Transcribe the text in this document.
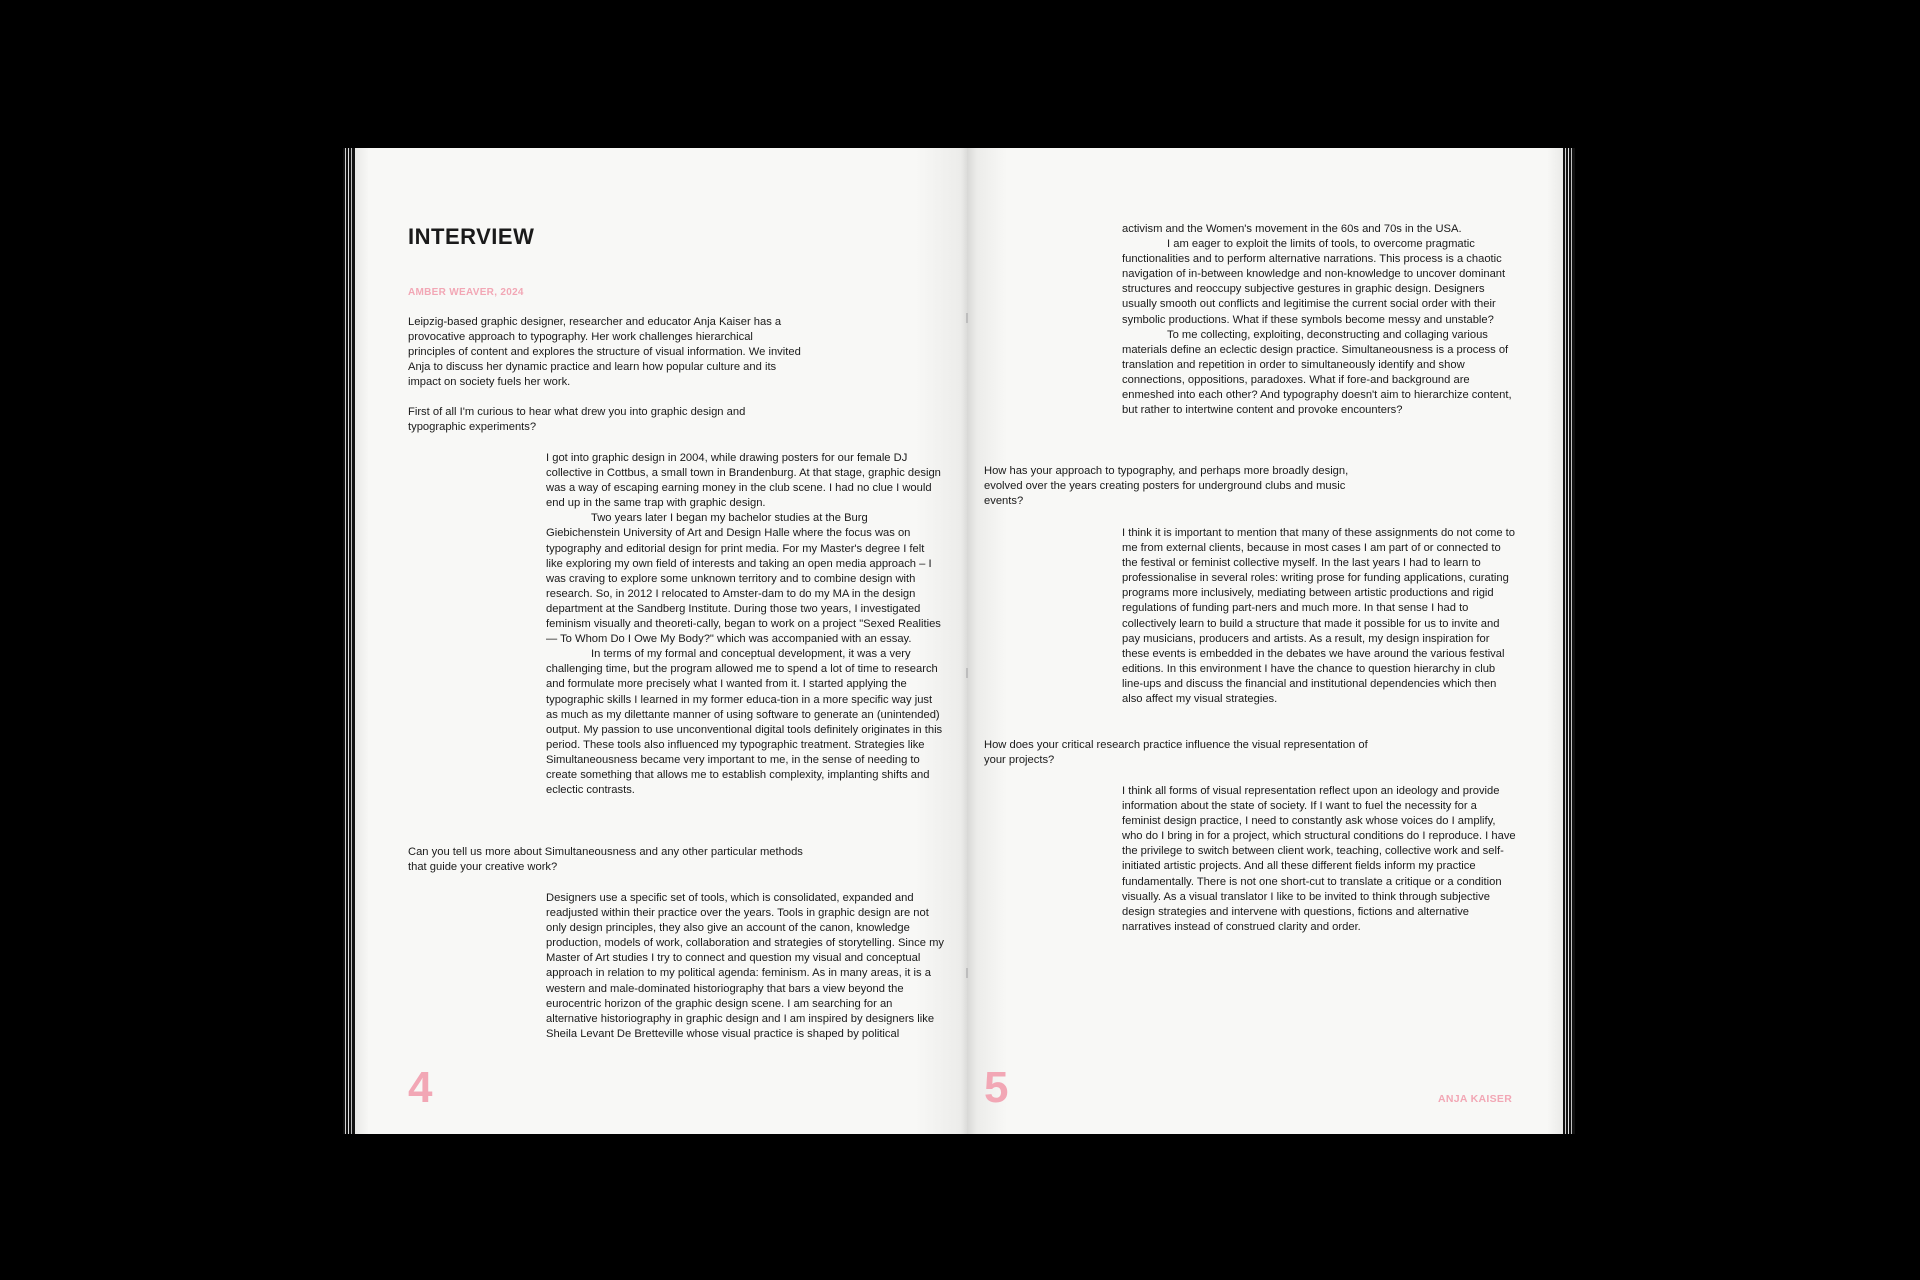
INTERVIEW
AMBER WEAVER, 2024

Leipzig-based graphic designer, researcher and educator Anja Kaiser has a provocative approach to typography. Her work challenges hierarchical principles of content and explores the structure of visual information. We invited Anja to discuss her dynamic practice and learn how popular culture and its impact on society fuels her work.

First of all I'm curious to hear what drew you into graphic design and typographic experiments?

I got into graphic design in 2004, while drawing posters for our female DJ collective in Cottbus, a small town in Brandenburg. At that stage, graphic design was a way of escaping earning money in the club scene. I had no clue I would end up in the same trap with graphic design.

Two years later I began my bachelor studies at the Burg Giebichenstein University of Art and Design Halle where the focus was on typography and editorial design for print media. For my Master's degree I felt like exploring my own field of interests and taking an open media approach – I was craving to explore some unknown territory and to combine design with research. So, in 2012 I relocated to Amster-dam to do my MA in the design department at the Sandberg Institute. During those two years, I investigated feminism visually and theoreti-cally, began to work on a project "Sexed Realities — To Whom Do I Owe My Body?" which was accompanied with an essay.

In terms of my formal and conceptual development, it was a very challenging time, but the program allowed me to spend a lot of time to research and formulate more precisely what I wanted from it. I started applying the typographic skills I learned in my former educa-tion in a more specific way just as much as my dilettante manner of using software to generate an (unintended) output. My passion to use unconventional digital tools definitely originates in this period. These tools also influenced my typographic treatment. Strategies like Simultaneousness became very important to me, in the sense of needing to create something that allows me to establish complexity, implanting shifts and eclectic contrasts.

Can you tell us more about Simultaneousness and any other particular methods that guide your creative work?

Designers use a specific set of tools, which is consolidated, expanded and readjusted within their practice over the years. Tools in graphic design are not only design principles, they also give an account of the canon, knowledge production, models of work, collaboration and strategies of storytelling. Since my Master of Art studies I try to connect and question my visual and conceptual approach in relation to my political agenda: feminism. As in many areas, it is a western and male-dominated historiography that bars a view beyond the eurocentric horizon of the graphic design scene. I am searching for an alternative historiography in graphic design and I am inspired by designers like Sheila Levant De Bretteville whose visual practice is shaped by political

4

activism and the Women's movement in the 60s and 70s in the USA.

I am eager to exploit the limits of tools, to overcome pragmatic functionalities and to perform alternative narrations. This process is a chaotic navigation of in-between knowledge and non-knowledge to uncover dominant structures and reoccupy subjective gestures in graphic design. Designers usually smooth out conflicts and legitimise the current social order with their symbolic productions. What if these symbols become messy and unstable?

To me collecting, exploiting, deconstructing and collaging various materials define an eclectic design practice. Simultaneousness is a process of translation and repetition in order to simultaneously identify and show connections, oppositions, paradoxes. What if fore-and background are enmeshed into each other? And typography doesn't aim to hierarchize content, but rather to intertwine content and provoke encounters?

How has your approach to typography, and perhaps more broadly design, evolved over the years creating posters for underground clubs and music events?

I think it is important to mention that many of these assignments do not come to me from external clients, because in most cases I am part of or connected to the festival or feminist collective myself. In the last years I had to learn to professionalise in several roles: writing prose for funding applications, curating programs more inclusively, mediating between artistic productions and rigid regulations of funding part-ners and much more. In that sense I had to collectively learn to build a structure that made it possible for us to invite and pay musicians, producers and artists. As a result, my design inspiration for these events is embedded in the debates we have around the various festival editions. In this environment I have the chance to question hierarchy in club line-ups and discuss the financial and institutional dependencies which then also affect my visual strategies.

How does your critical research practice influence the visual representation of your projects?

I think all forms of visual representation reflect upon an ideology and provide information about the state of society. If I want to fuel the necessity for a feminist design practice, I need to constantly ask whose voices do I amplify, who do I bring in for a project, which structural conditions do I reproduce. I have the privilege to switch between client work, teaching, collective work and self-initiated artistic projects. And all these different fields inform my practice fundamentally. There is not one short-cut to translate a critique or a condition visually. As a visual translator I like to be invited to think through subjective design strategies and intervene with questions, fictions and alternative narratives instead of construed clarity and order.

5	ANJA KAISER
